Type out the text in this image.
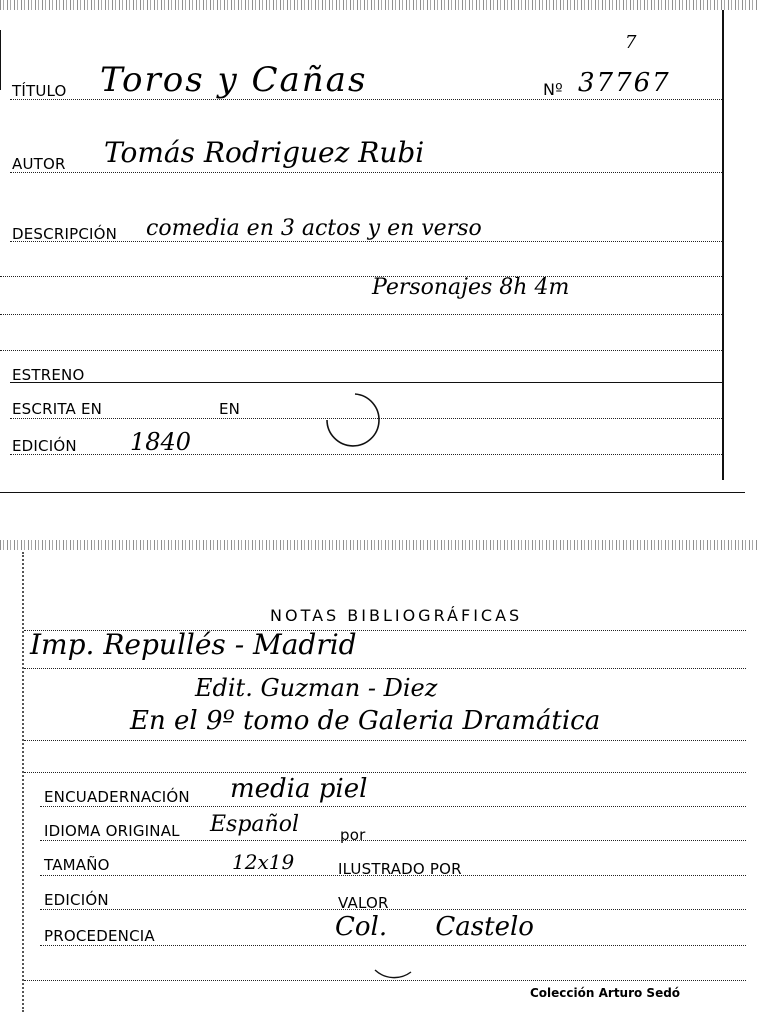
7
TÍTULO Toros y Cañas	Nº 37767
AUTOR Tomás Rodriguez Rubi
DESCRIPCIÓN comedia en 3 actos y en verso
Personajes 8h 4m
ESTRENO
ESCRITA EN	EN
EDICIÓN 1840
NOTAS BIBLIOGRÁFICAS
Imp. Repullés - Madrid
Edit. Guzman - Diez
En el 9º tomo de Galeria Dramática
ENCUADERNACIÓN media piel
IDIOMA ORIGINAL Español	por
TAMAÑO	12x19	ILUSTRADO POR
EDICIÓN	VALOR
PROCEDENCIA	Col. Castelo
Colección Arturo Sedó
